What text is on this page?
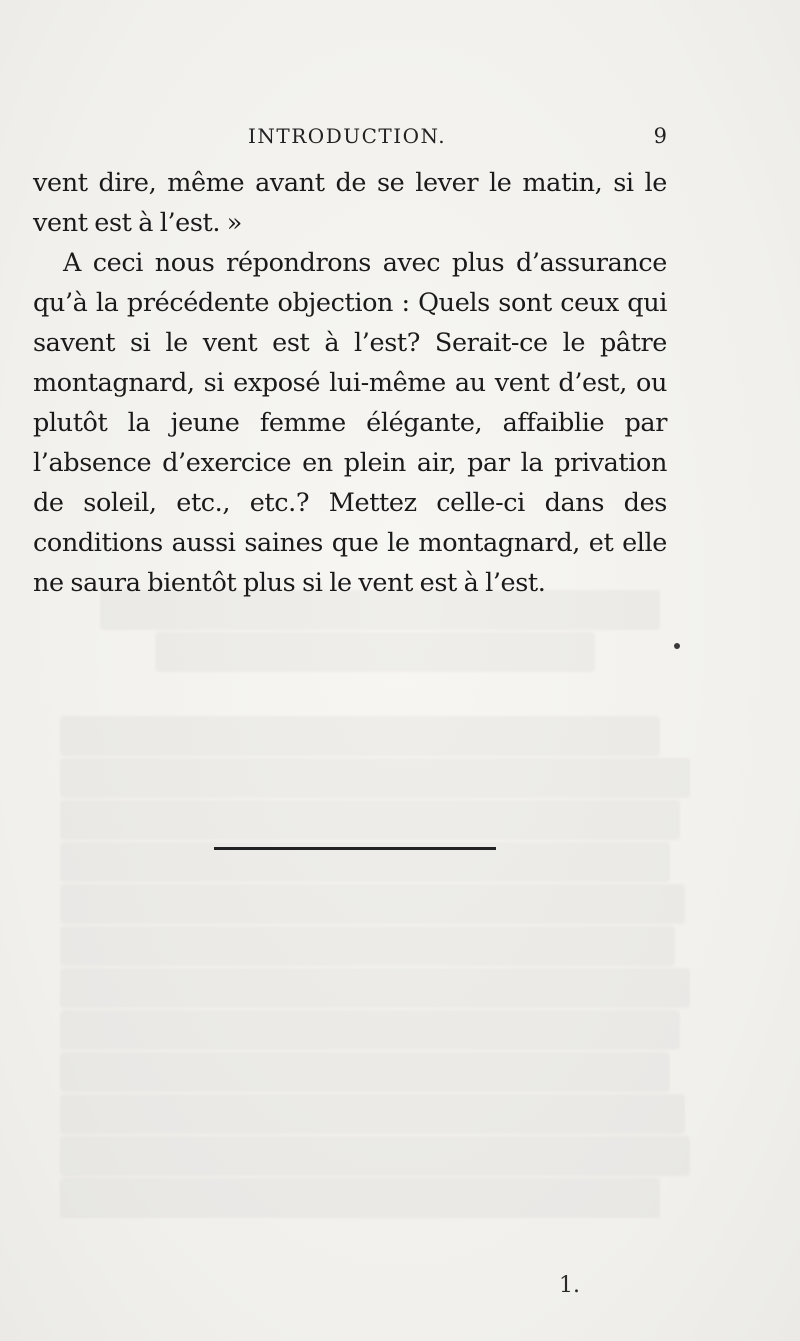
INTRODUCTION.	9

vent dire, même avant de se lever le matin, si le vent est à l’est. »

A ceci nous répondrons avec plus d’assurance qu’à la précédente objection : Quels sont ceux qui savent si le vent est à l’est? Serait-ce le pâtre montagnard, si exposé lui-même au vent d’est, ou plutôt la jeune femme élégante, affaiblie par l’absence d’exercice en plein air, par la privation de soleil, etc., etc.? Mettez celle-ci dans des conditions aussi saines que le montagnard, et elle ne saura bientôt plus si le vent est à l’est.

1.
